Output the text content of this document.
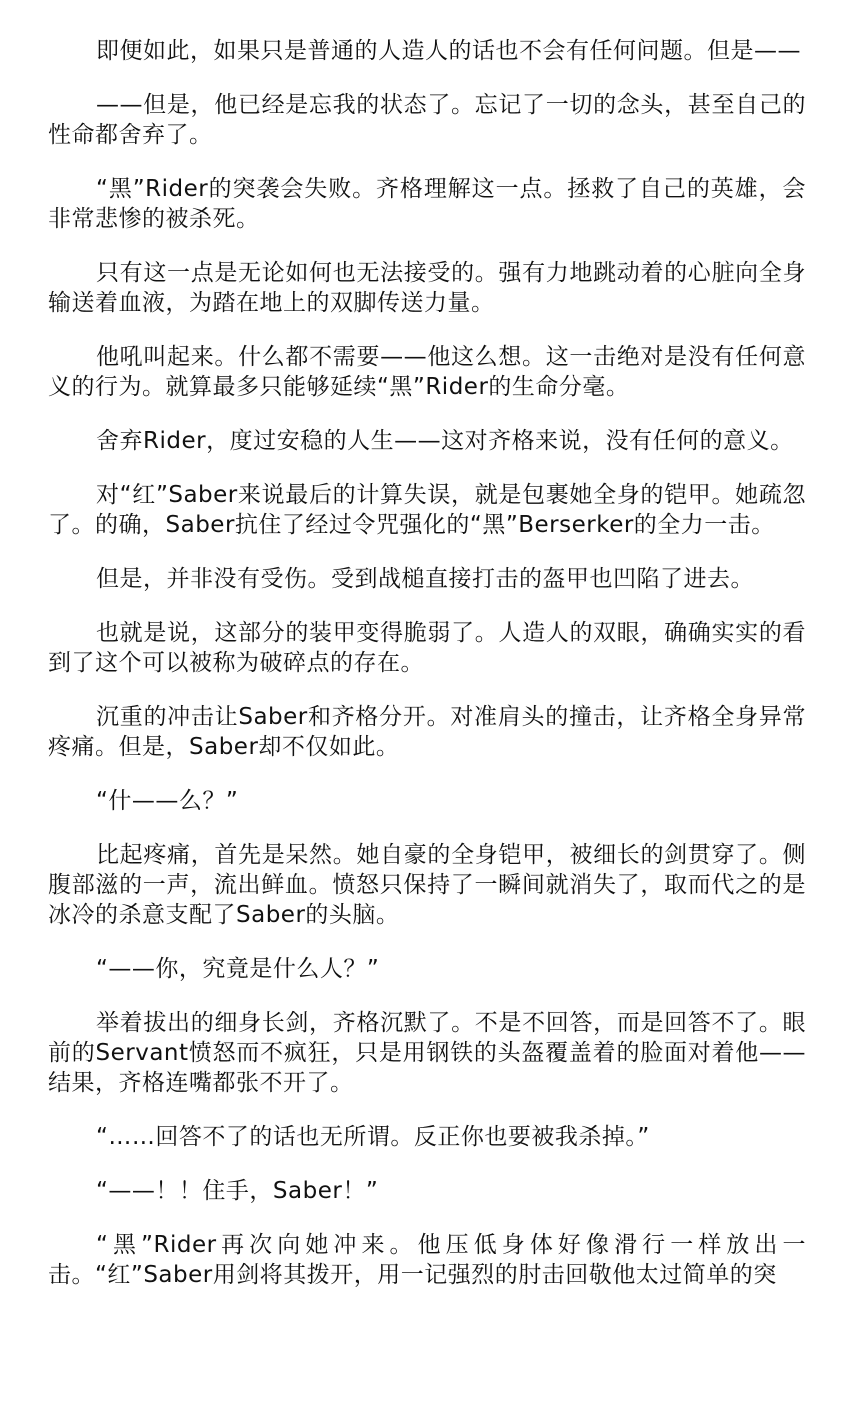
即便如此，如果只是普通的人造人的话也不会有任何问题。但是——

——但是，他已经是忘我的状态了。忘记了一切的念头，甚至自己的性命都舍弃了。

“黑”Rider的突袭会失败。齐格理解这一点。拯救了自己的英雄，会非常悲惨的被杀死。

只有这一点是无论如何也无法接受的。强有力地跳动着的心脏向全身输送着血液，为踏在地上的双脚传送力量。

他吼叫起来。什么都不需要——他这么想。这一击绝对是没有任何意义的行为。就算最多只能够延续“黑”Rider的生命分毫。

舍弃Rider，度过安稳的人生——这对齐格来说，没有任何的意义。

对“红”Saber来说最后的计算失误，就是包裹她全身的铠甲。她疏忽了。的确，Saber抗住了经过令咒强化的“黑”Berserker的全力一击。

但是，并非没有受伤。受到战槌直接打击的盔甲也凹陷了进去。

也就是说，这部分的装甲变得脆弱了。人造人的双眼，确确实实的看到了这个可以被称为破碎点的存在。

沉重的冲击让Saber和齐格分开。对准肩头的撞击，让齐格全身异常疼痛。但是，Saber却不仅如此。

“什——么？”

比起疼痛，首先是呆然。她自豪的全身铠甲，被细长的剑贯穿了。侧腹部滋的一声，流出鲜血。愤怒只保持了一瞬间就消失了，取而代之的是冰冷的杀意支配了Saber的头脑。

“——你，究竟是什么人？”

举着拔出的细身长剑，齐格沉默了。不是不回答，而是回答不了。眼前的Servant愤怒而不疯狂，只是用钢铁的头盔覆盖着的脸面对着他——结果，齐格连嘴都张不开了。

“……回答不了的话也无所谓。反正你也要被我杀掉。”

“——！！住手，Saber！”

“黑”Rider再次向她冲来。他压低身体好像滑行一样放出一击。“红”Saber用剑将其拨开，用一记强烈的肘击回敬他太过简单的突
